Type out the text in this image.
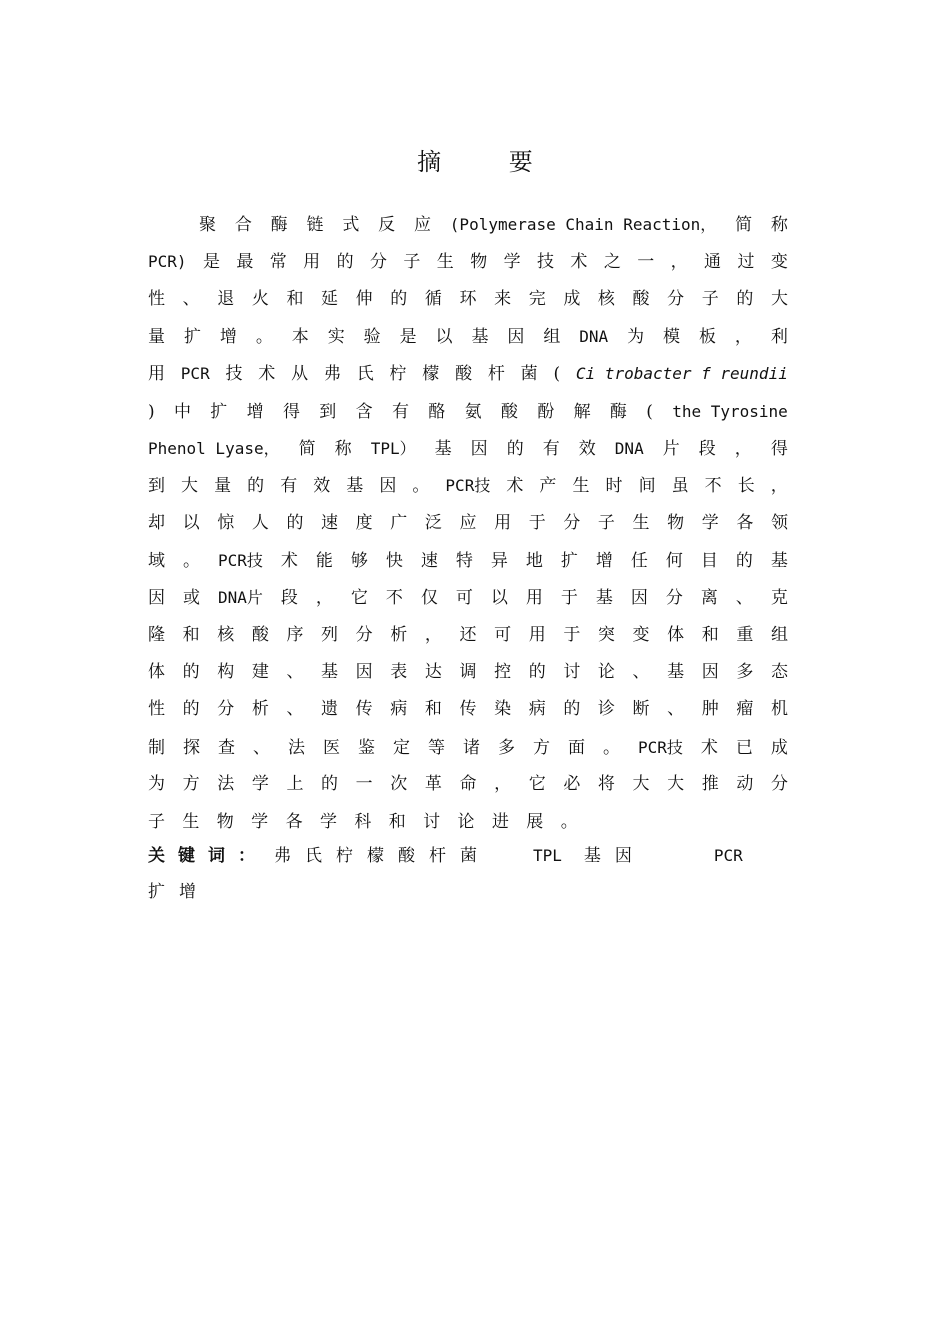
摘 要
聚 合 酶 链 式 反 应 (Polymerase Chain Reaction， 简 称
PCR) 是 最 常 用 的 分 子 生 物 学 技 术 之 一 ， 通 过 变
性 、 退 火 和 延 伸 的 循 环 来 完 成 核 酸 分 子 的 大
量 扩 增 。 本 实 验 是 以 基 因 组 DNA 为 模 板 ， 利
用 PCR 技 术 从 弗 氏 柠 檬 酸 杆 菌 ( Ci trobacter f reundii
) 中 扩 增 得 到 含 有 酪 氨 酸 酚 解 酶 ( the Tyrosine
Phenol Lyase， 简 称 TPL） 基 因 的 有 效 DNA 片 段 ， 得
到 大 量 的 有 效 基 因 。 PCR技 术 产 生 时 间 虽 不 长 ，
却 以 惊 人 的 速 度 广 泛 应 用 于 分 子 生 物 学 各 领
域 。 PCR技 术 能 够 快 速 特 异 地 扩 增 任 何 目 的 基
因 或 DNA片 段 ， 它 不 仅 可 以 用 于 基 因 分 离 、 克
隆 和 核 酸 序 列 分 析 ， 还 可 用 于 突 变 体 和 重 组
体 的 构 建 、 基 因 表 达 调 控 的 讨 论 、 基 因 多 态
性 的 分 析 、 遗 传 病 和 传 染 病 的 诊 断 、 肿 瘤 机
制 探 查 、 法 医 鉴 定 等 诸 多 方 面 。 PCR技 术 已 成
为 方 法 学 上 的 一 次 革 命 ， 它 必 将 大 大 推 动 分
子 生 物 学 各 学 科 和 讨 论 进 展 。
关键词： 弗氏柠檬酸杆菌	TPL 基因	PCR
扩增
